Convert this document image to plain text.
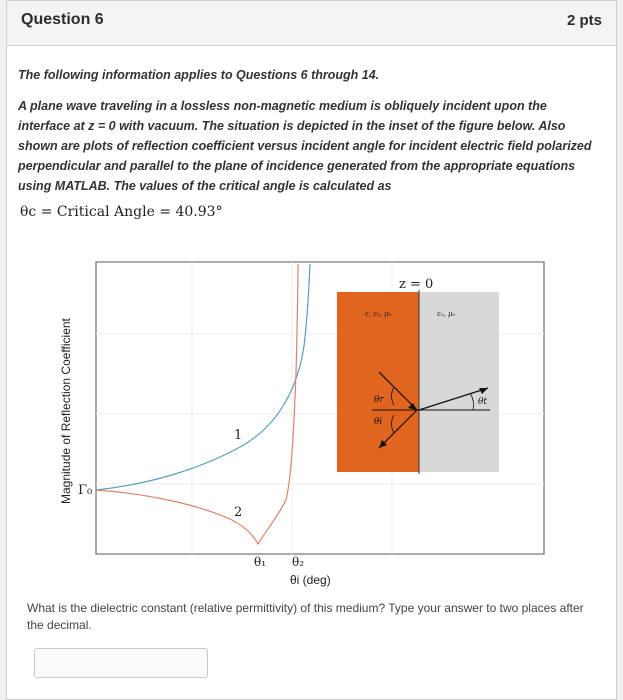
Question 6	2 pts
The following information applies to Questions 6 through 14.
A plane wave traveling in a lossless non-magnetic medium is obliquely incident upon the interface at z = 0 with vacuum. The situation is depicted in the inset of the figure below. Also shown are plots of reflection coefficient versus incident angle for incident electric field polarized perpendicular and parallel to the plane of incidence generated from the appropriate equations using MATLAB. The values of the critical angle is calculated as
θc = Critical Angle = 40.93°
z = 0
ε, ε₀, μ₀	ε₀, μ₀
θr
θi
θt
1
2
Magnitude of Reflection Coefficient Γ₀
θ₁ θ₂
θi (deg)
What is the dielectric constant (relative permittivity) of this medium? Type your answer to two places after the decimal.
